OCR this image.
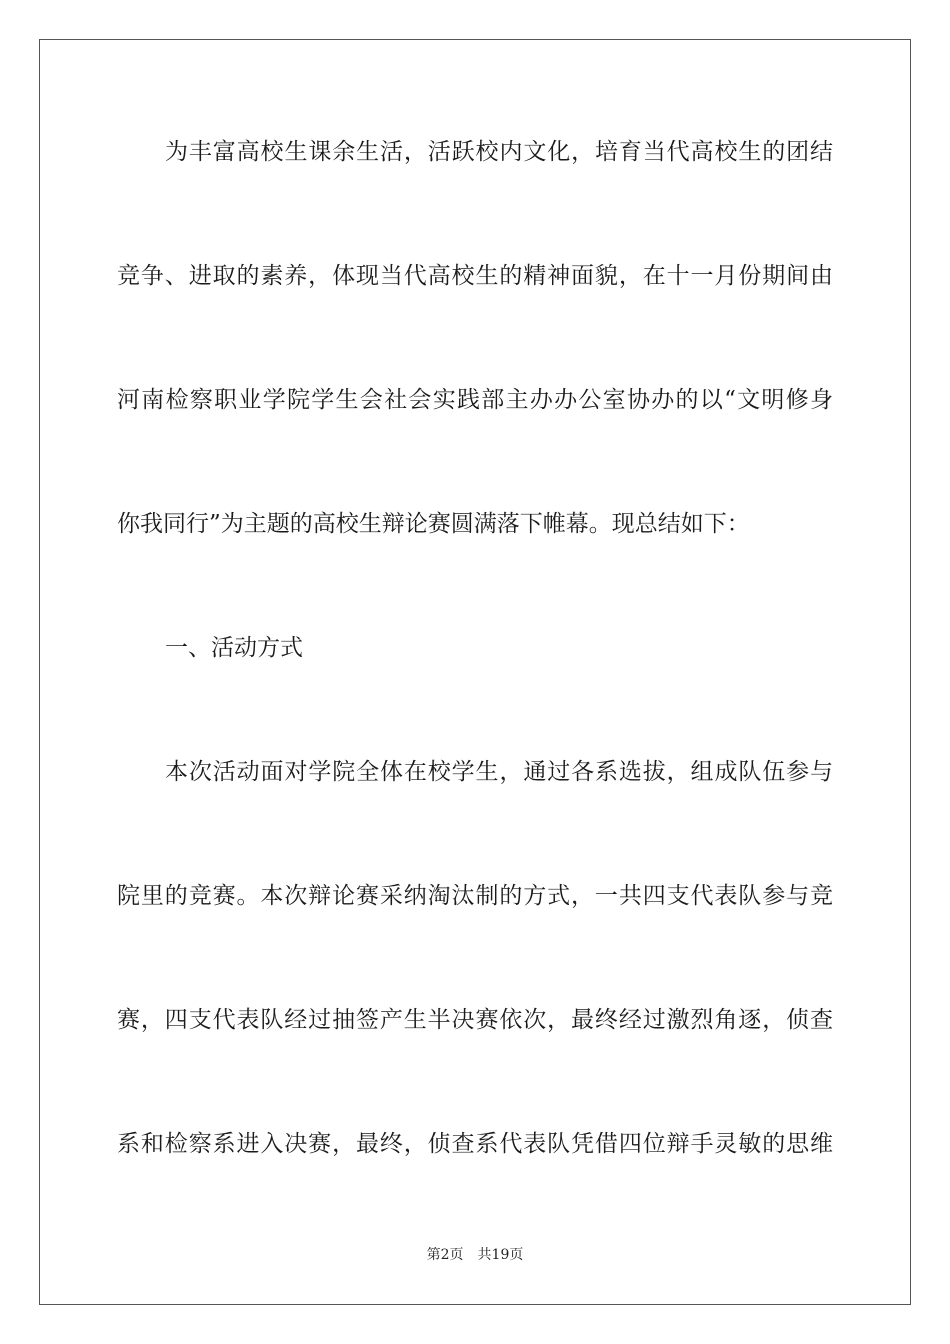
为丰富高校生课余生活，活跃校内文化，培育当代高校生的团结
竞争、进取的素养，体现当代高校生的精神面貌，在十一月份期间由
河南检察职业学院学生会社会实践部主办办公室协办的以“文明修身
你我同行”为主题的高校生辩论赛圆满落下帷幕。现总结如下：
一、活动方式
本次活动面对学院全体在校学生，通过各系选拔，组成队伍参与
院里的竞赛。本次辩论赛采纳淘汰制的方式，一共四支代表队参与竞
赛，四支代表队经过抽签产生半决赛依次，最终经过激烈角逐，侦查
系和检察系进入决赛，最终，侦查系代表队凭借四位辩手灵敏的思维
第2页 共19页
